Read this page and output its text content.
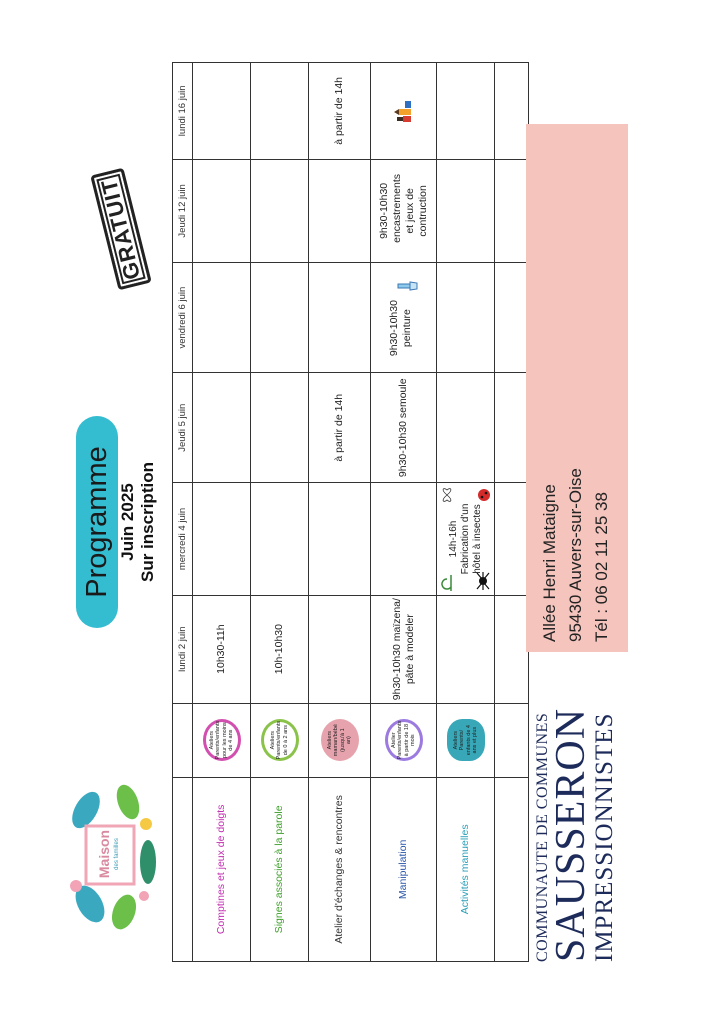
Maison des familles
Programme Juin 2025 Sur inscription
GRATUIT
		lundi 2 juin	mercredi 4 juin	Jeudi 5 juin	vendredi 6 juin	Jeudi 12 juin	lundi 16 juin
Comptines et jeux de doigts	Ateliers Parents/enfants pour les moins de 4 ans	10h30-11h					
Signes associés à la parole	Ateliers Parents/enfants de 0 à 2 ans	10h-10h30					
Atelier d'échanges & rencontres	Ateliers maman/bébé (jusqu'à 1 an)			à partir de 14h			à partir de 14h
Manipulation	Atelier Parents/enfants à partir de 18 mois	9h30-10h30 maïzena/ pâte à modeler		9h30-10h30 semoule	9h30-10h30 peinture	9h30-10h30 encastrements et jeux de contruction	
Activités manuelles	Ateliers Parents/ enfants de 4 ans et plus		14h-16h Fabrication d'un hôtel à insectes

COMMUNAUTE DE COMMUNES
SAUSSERON
IMPRESSIONNISTES
Allée Henri Mataigne 95430 Auvers-sur-Oise Tél : 06 02 11 25 38
